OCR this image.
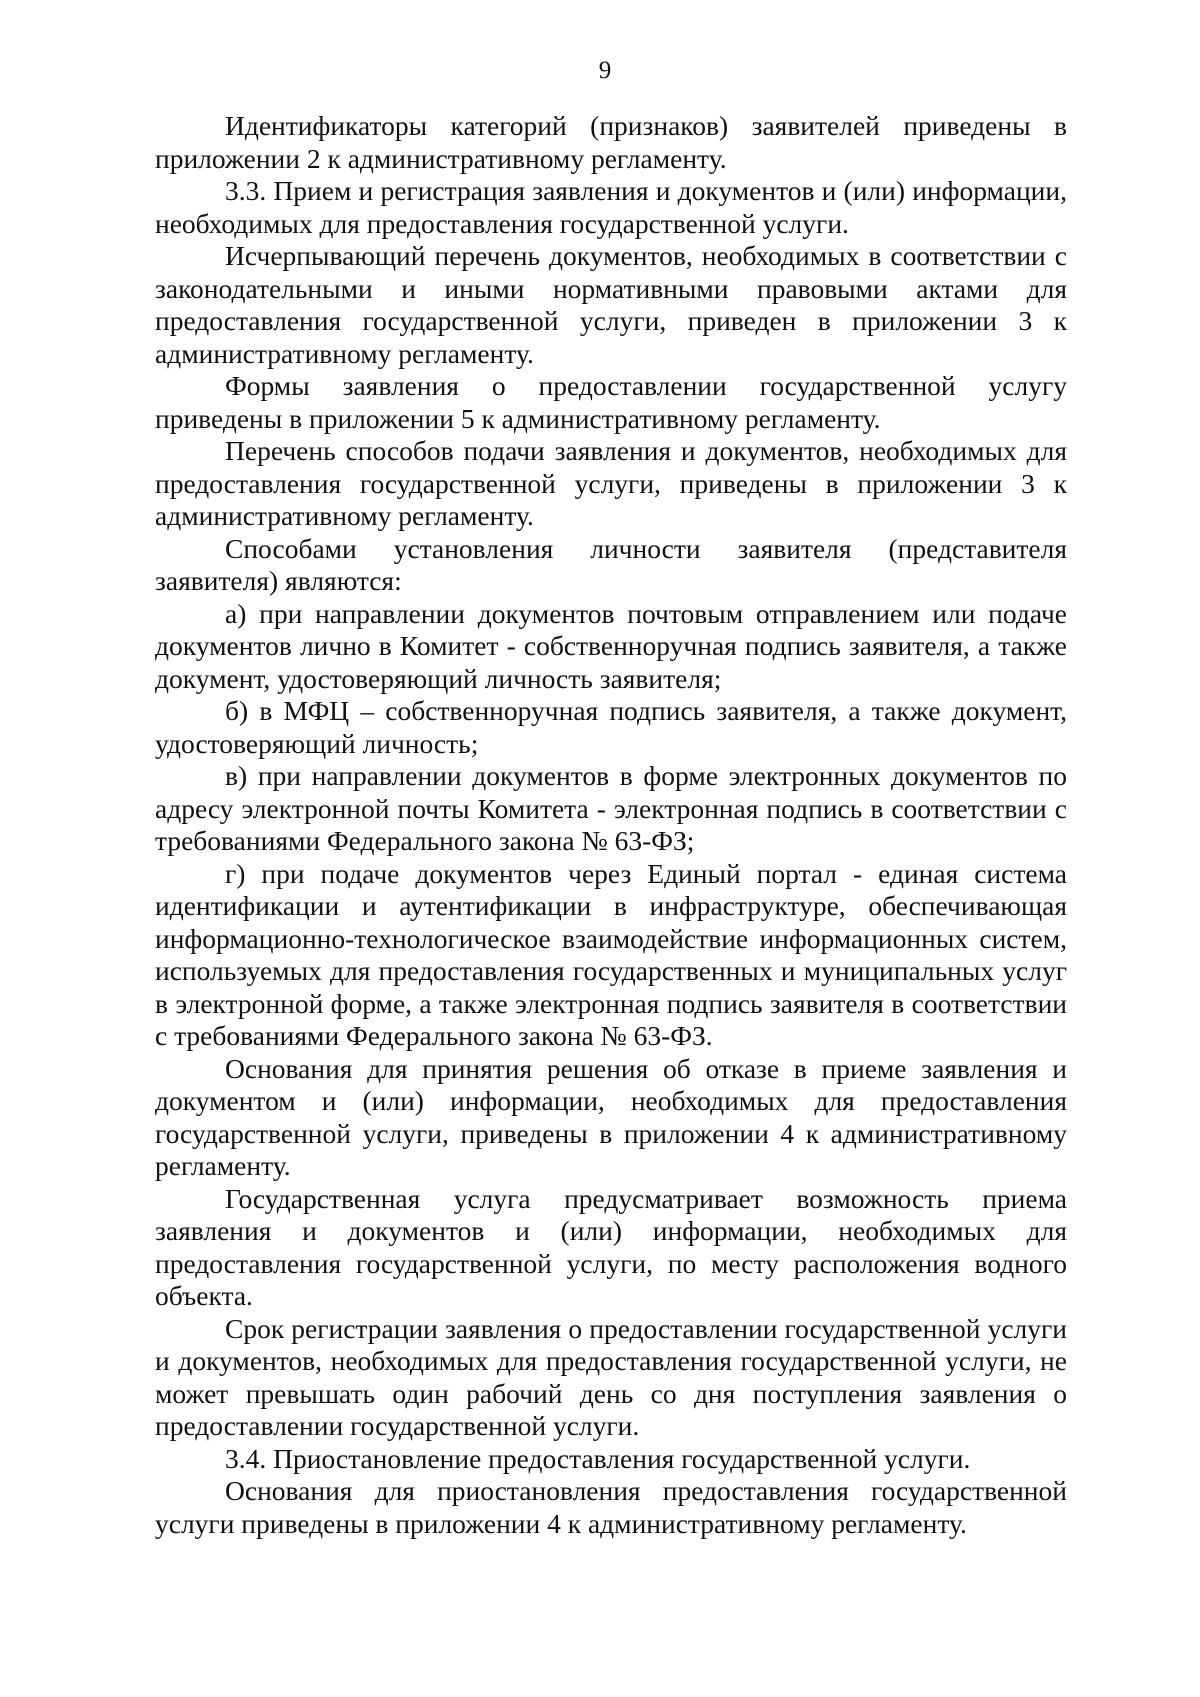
9

Идентификаторы категорий (признаков) заявителей приведены в приложении 2 к административному регламенту.

3.3. Прием и регистрация заявления и документов и (или) информации, необходимых для предоставления государственной услуги.

Исчерпывающий перечень документов, необходимых в соответствии с законодательными и иными нормативными правовыми актами для предоставления государственной услуги, приведен в приложении 3 к административному регламенту.

Формы заявления о предоставлении государственной услугу приведены в приложении 5 к административному регламенту.

Перечень способов подачи заявления и документов, необходимых для предоставления государственной услуги, приведены в приложении 3 к административному регламенту.

Способами установления личности заявителя (представителя заявителя) являются:

а) при направлении документов почтовым отправлением или подаче документов лично в Комитет - собственноручная подпись заявителя, а также документ, удостоверяющий личность заявителя;

б) в МФЦ – собственноручная подпись заявителя, а также документ, удостоверяющий личность;

в) при направлении документов в форме электронных документов по адресу электронной почты Комитета - электронная подпись в соответствии с требованиями Федерального закона № 63-ФЗ;

г) при подаче документов через Единый портал - единая система идентификации и аутентификации в инфраструктуре, обеспечивающая информационно-технологическое взаимодействие информационных систем, используемых для предоставления государственных и муниципальных услуг в электронной форме, а также электронная подпись заявителя в соответствии с требованиями Федерального закона № 63-ФЗ.

Основания для принятия решения об отказе в приеме заявления и документом и (или) информации, необходимых для предоставления государственной услуги, приведены в приложении 4 к административному регламенту.

Государственная услуга предусматривает возможность приема заявления и документов и (или) информации, необходимых для предоставления государственной услуги, по месту расположения водного объекта.

Срок регистрации заявления о предоставлении государственной услуги и документов, необходимых для предоставления государственной услуги, не может превышать один рабочий день со дня поступления заявления о предоставлении государственной услуги.

3.4. Приостановление предоставления государственной услуги.

Основания для приостановления предоставления государственной услуги приведены в приложении 4 к административному регламенту.
